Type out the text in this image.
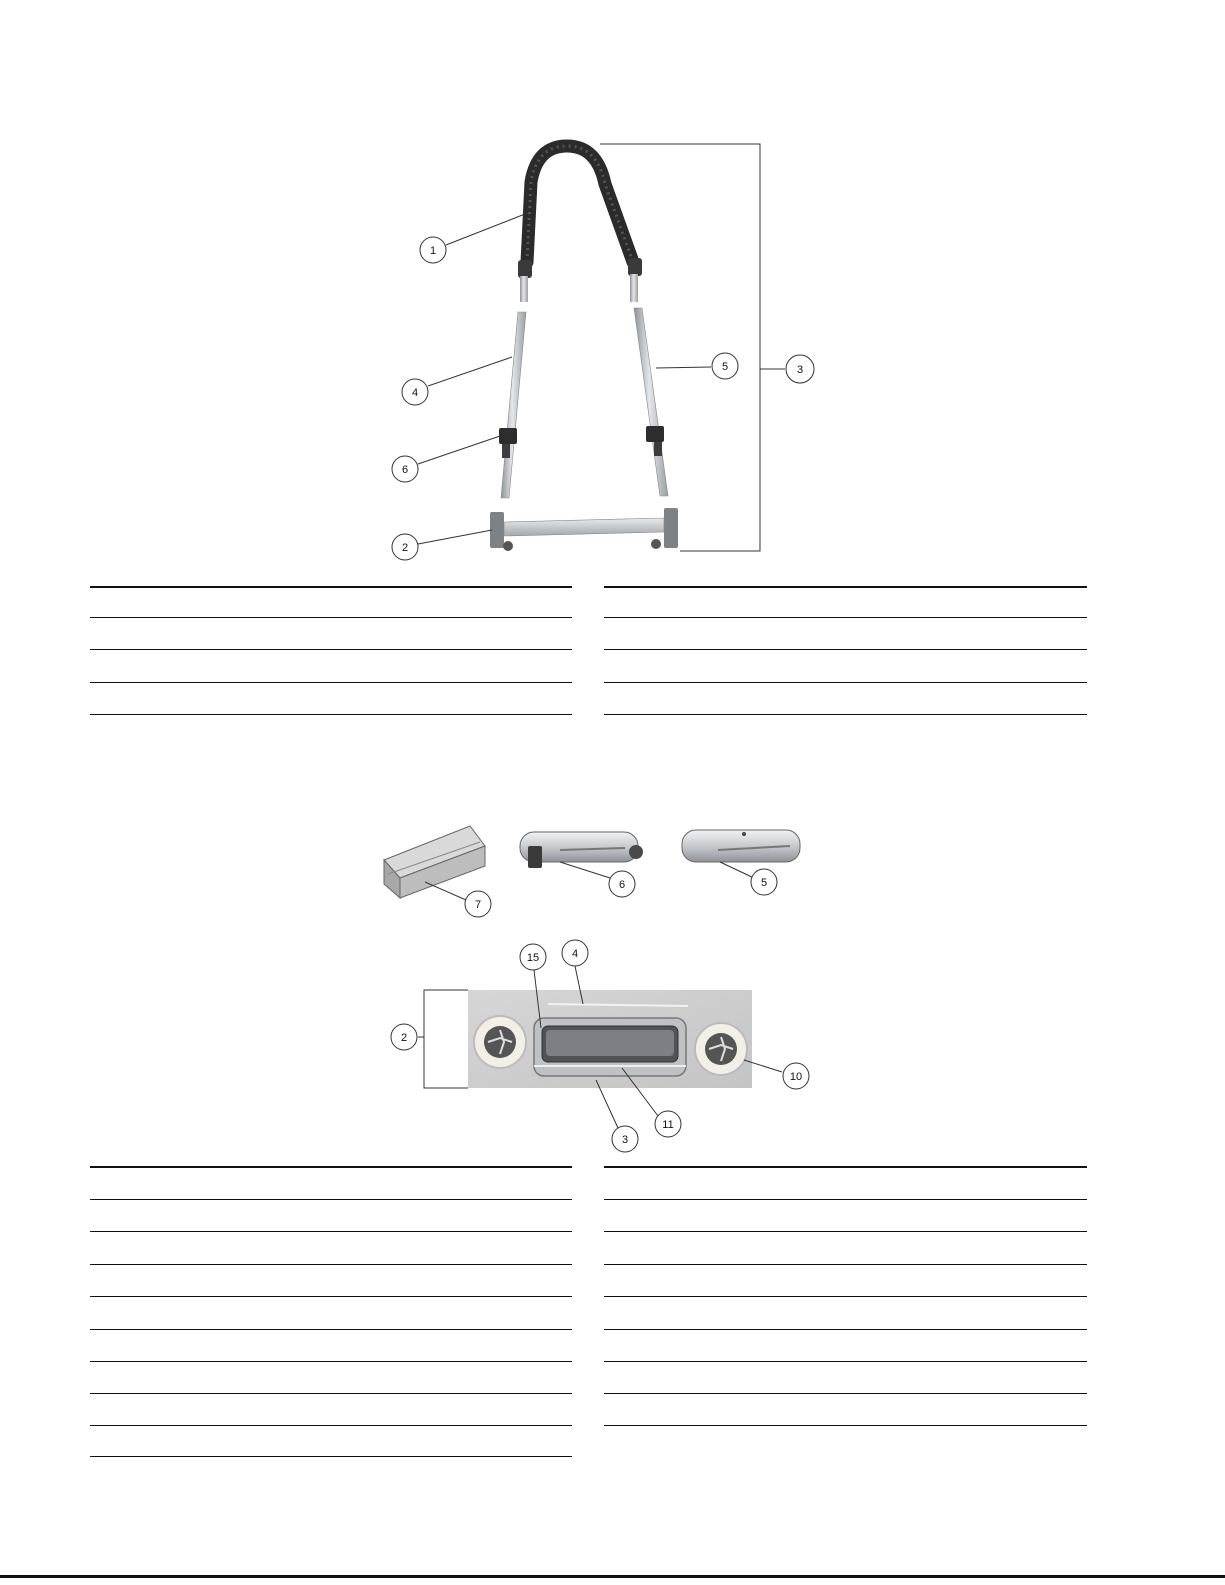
1
4
6
2
5	3
7
6	5
15	4
2
10
11
3
